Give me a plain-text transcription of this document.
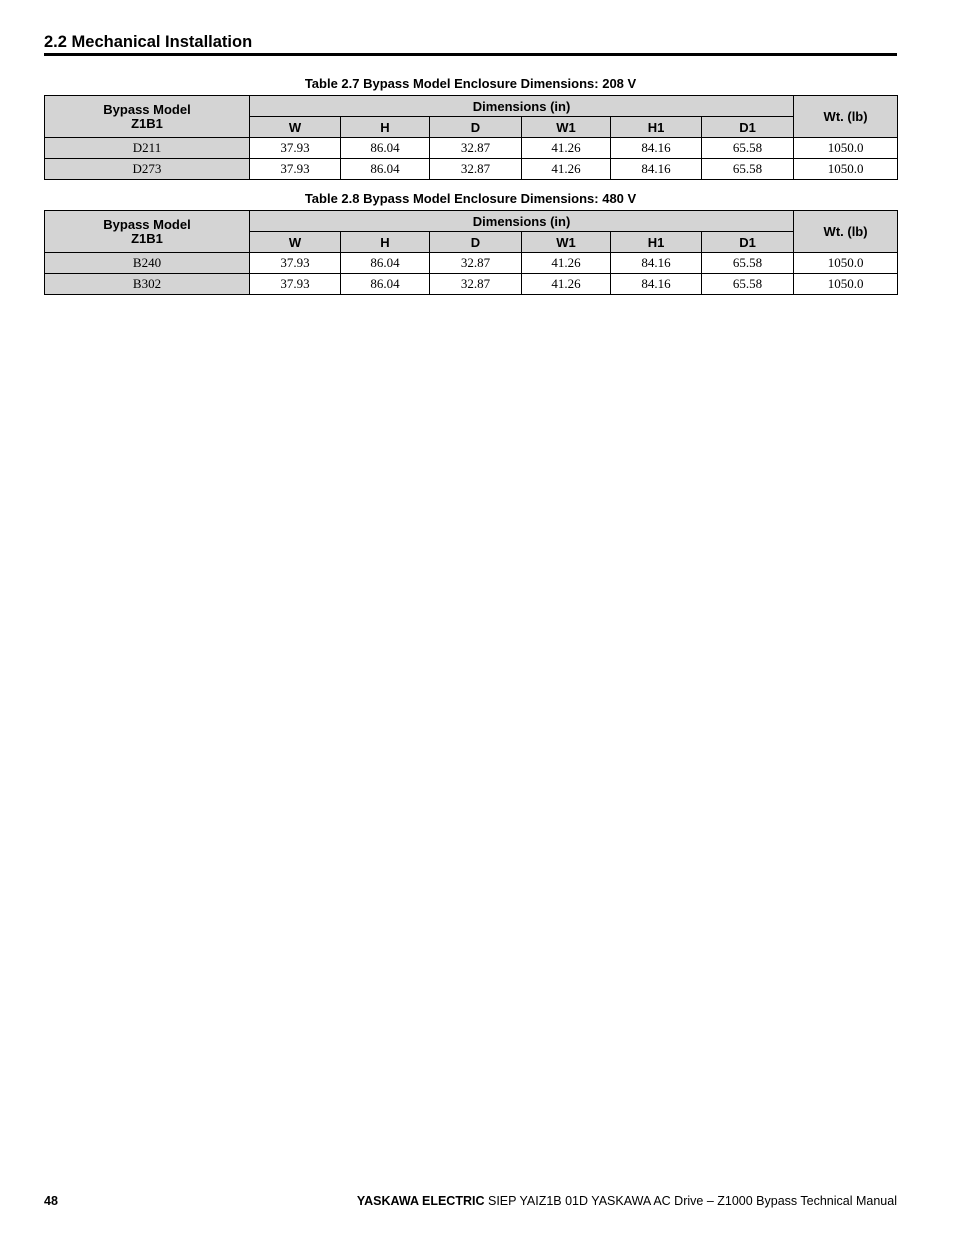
2.2 Mechanical Installation
Table 2.7 Bypass Model Enclosure Dimensions: 208 V
Bypass Model
Z1B1	Dimensions (in)						Wt. (lb)
	W	H	D	W1	H1	D1	
D211	37.93	86.04	32.87	41.26	84.16	65.58	1050.0
D273	37.93	86.04	32.87	41.26	84.16	65.58	1050.0
Table 2.8 Bypass Model Enclosure Dimensions: 480 V
Bypass Model
Z1B1	Dimensions (in)						Wt. (lb)
	W	H	D	W1	H1	D1	
B240	37.93	86.04	32.87	41.26	84.16	65.58	1050.0
B302	37.93	86.04	32.87	41.26	84.16	65.58	1050.0
48	YASKAWA ELECTRIC SIEP YAIZ1B 01D YASKAWA AC Drive – Z1000 Bypass Technical Manual
